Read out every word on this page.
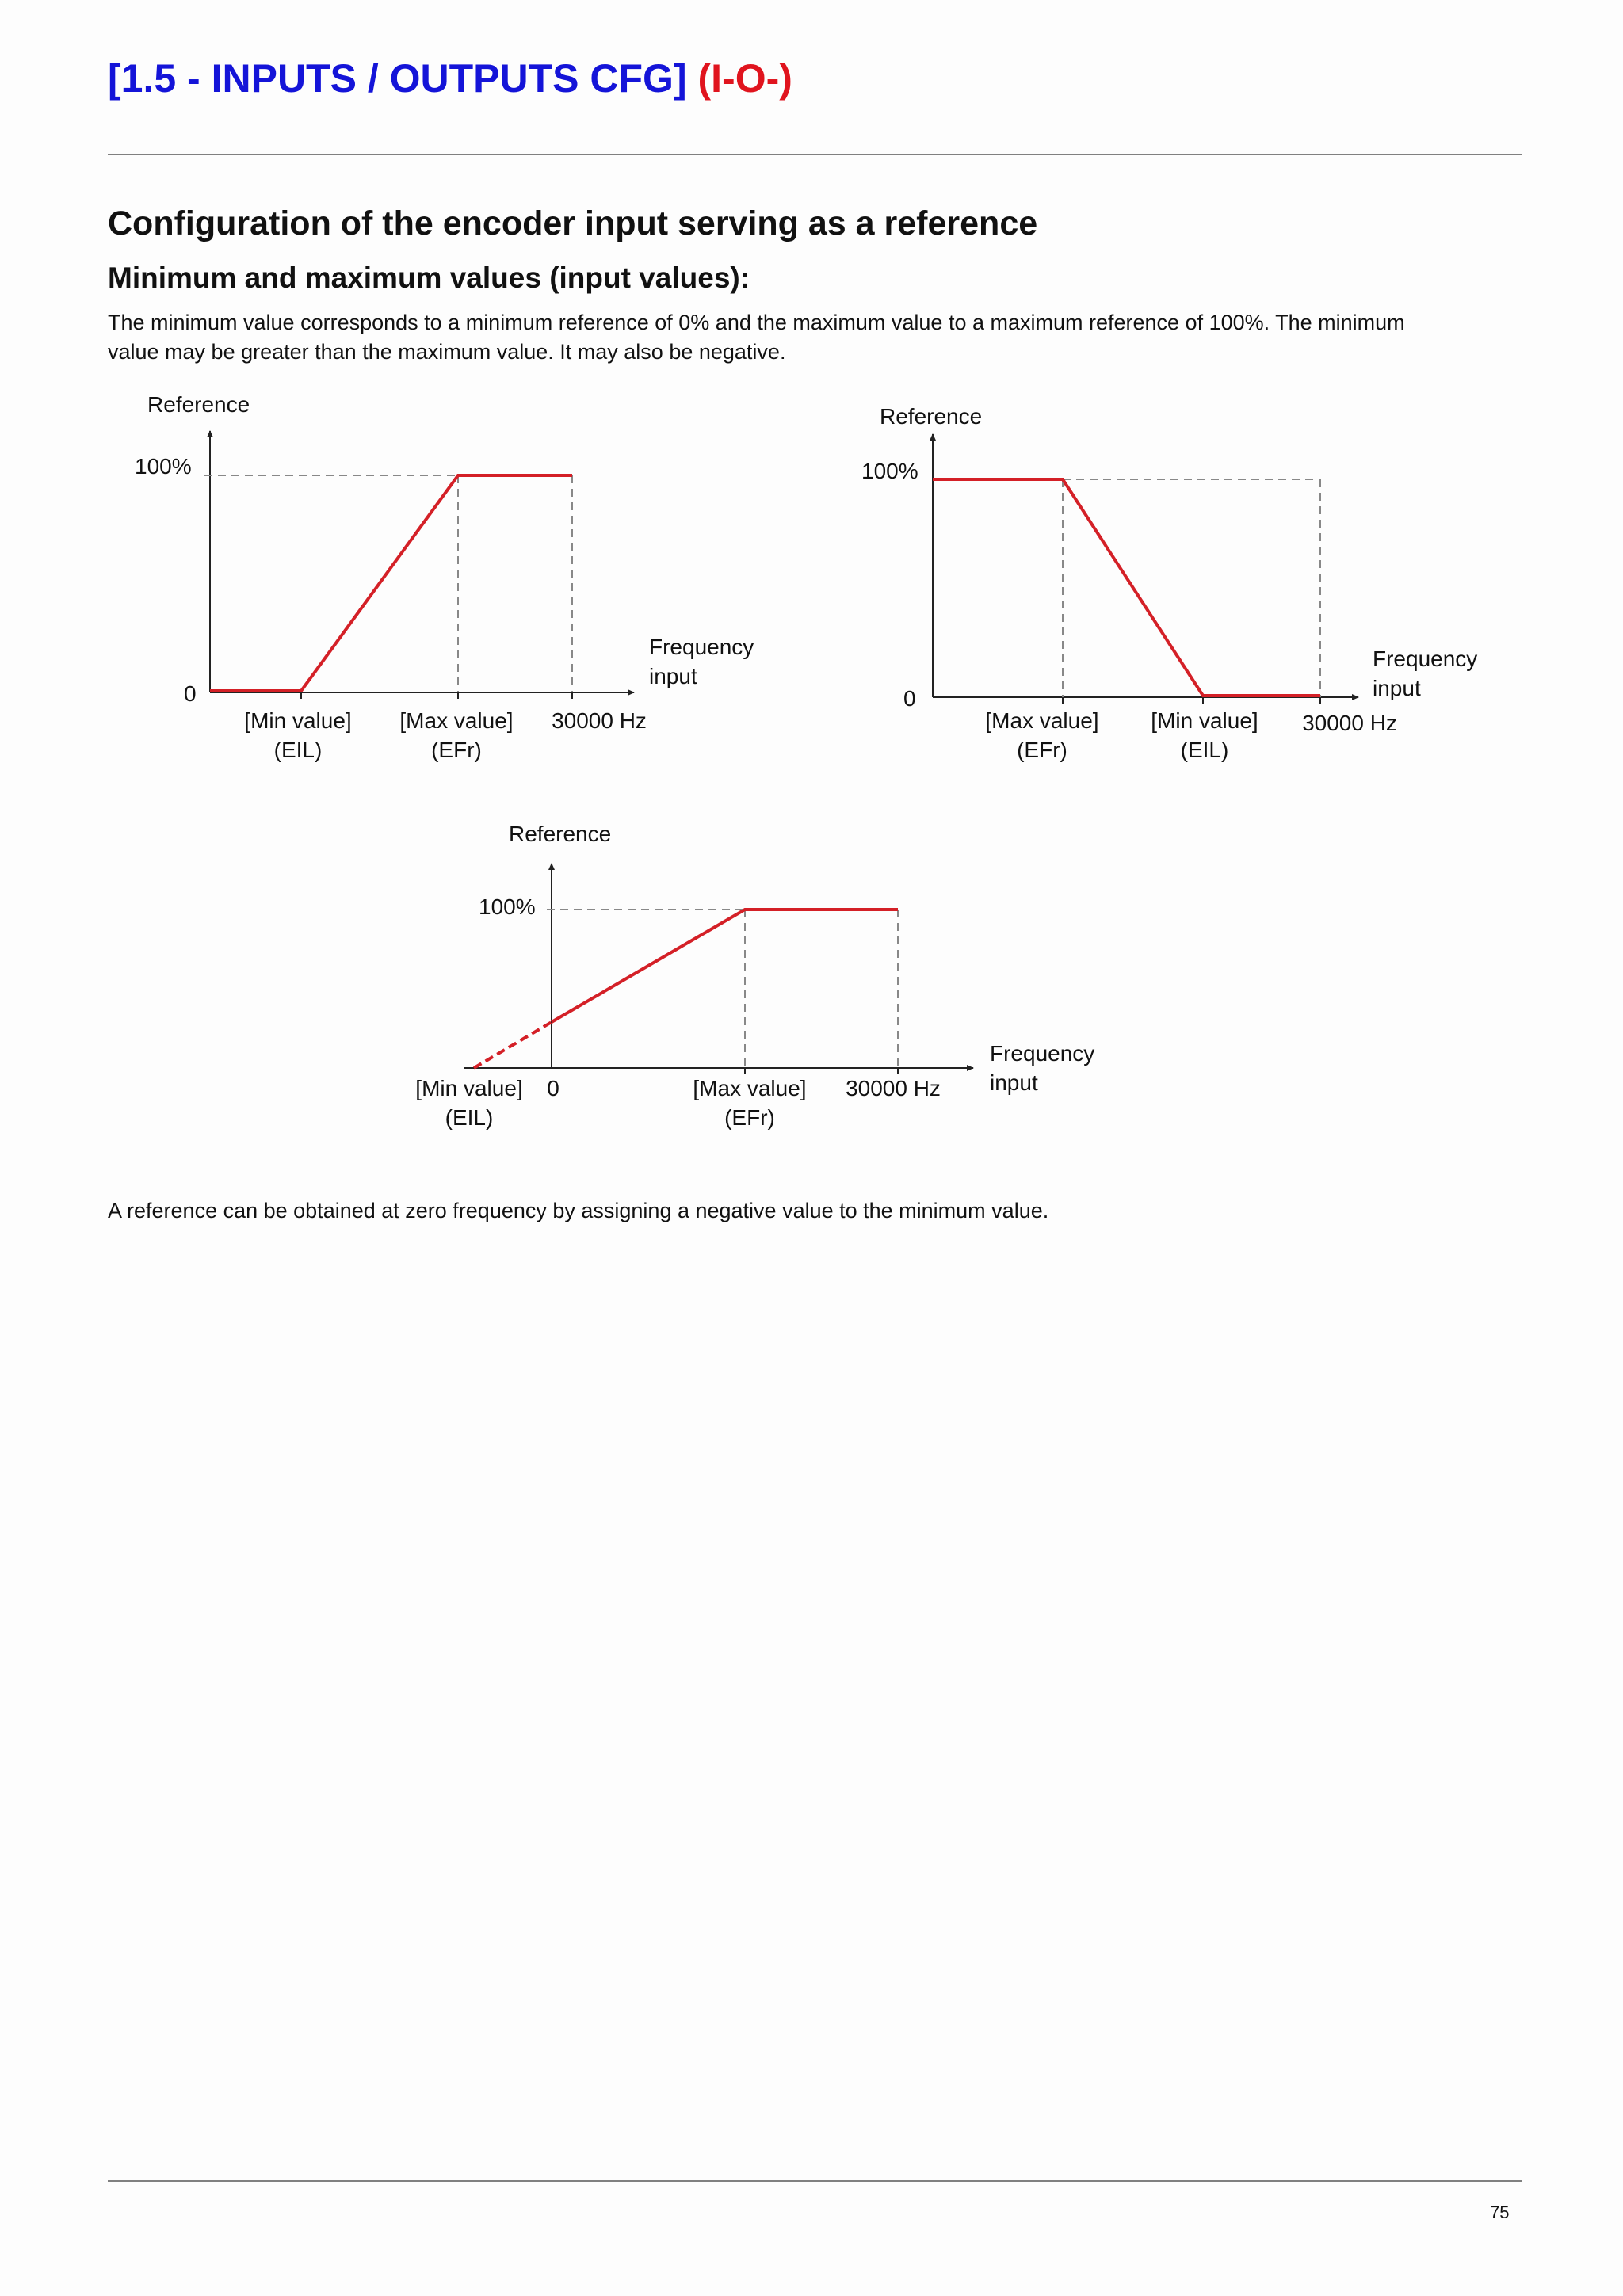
[1.5 - INPUTS / OUTPUTS CFG] (I-O-)
Configuration of the encoder input serving as a reference
Minimum and maximum values (input values):

The minimum value corresponds to a minimum reference of 0% and the maximum value to a maximum reference of 100%. The minimum

value may be greater than the maximum value. It may also be negative.

Reference
100%
0
Frequency
input
[Min value]
(EIL)
[Max value]
(EFr)
30000 Hz
Reference
100%
0
Frequency
input
[Max value]
(EFr)
[Min value]
(EIL)
30000 Hz
Reference
100%
Frequency
input
[Min value]
(EIL)
0	[Max value]
(EFr)
30000 Hz

A reference can be obtained at zero frequency by assigning a negative value to the minimum value.

75
